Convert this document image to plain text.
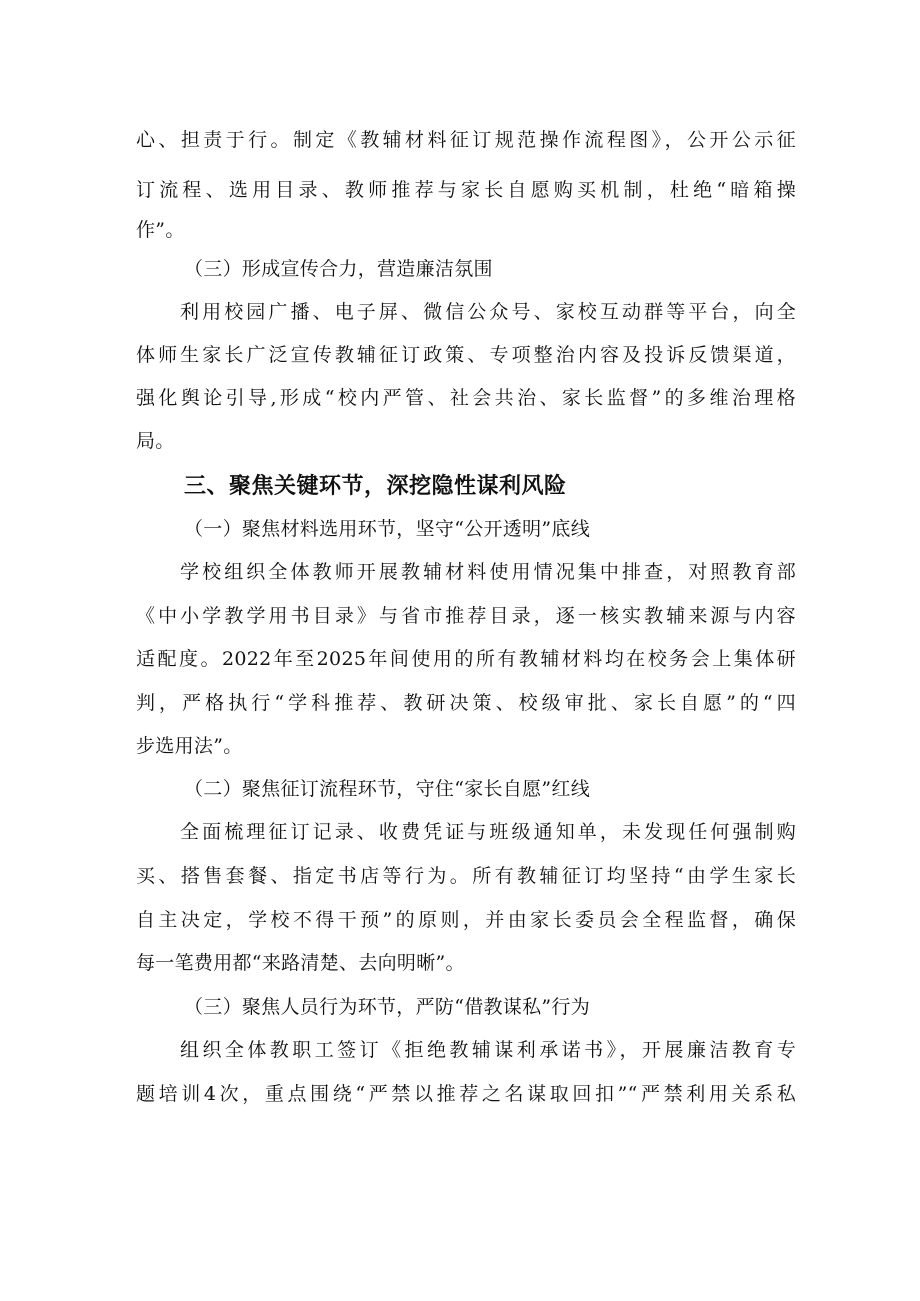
心、担责于行。制定《教辅材料征订规范操作流程图》，公开公示征
订流程、选用目录、教师推荐与家长自愿购买机制，杜绝“暗箱操
作”。
（三）形成宣传合力，营造廉洁氛围
利用校园广播、电子屏、微信公众号、家校互动群等平台，向全
体师生家长广泛宣传教辅征订政策、专项整治内容及投诉反馈渠道，
强化舆论引导,形成“校内严管、社会共治、家长监督”的多维治理格
局。
三、聚焦关键环节，深挖隐性谋利风险
（一）聚焦材料选用环节，坚守“公开透明”底线
学校组织全体教师开展教辅材料使用情况集中排查，对照教育部
《中小学教学用书目录》与省市推荐目录，逐一核实教辅来源与内容
适配度。2022年至2025年间使用的所有教辅材料均在校务会上集体研
判，严格执行“学科推荐、教研决策、校级审批、家长自愿”的“四
步选用法”。
（二）聚焦征订流程环节，守住“家长自愿”红线
全面梳理征订记录、收费凭证与班级通知单，未发现任何强制购
买、搭售套餐、指定书店等行为。所有教辅征订均坚持“由学生家长
自主决定，学校不得干预”的原则，并由家长委员会全程监督，确保
每一笔费用都“来路清楚、去向明晰”。
（三）聚焦人员行为环节，严防“借教谋私”行为
组织全体教职工签订《拒绝教辅谋利承诺书》，开展廉洁教育专
题培训4次，重点围绕“严禁以推荐之名谋取回扣”“严禁利用关系私
